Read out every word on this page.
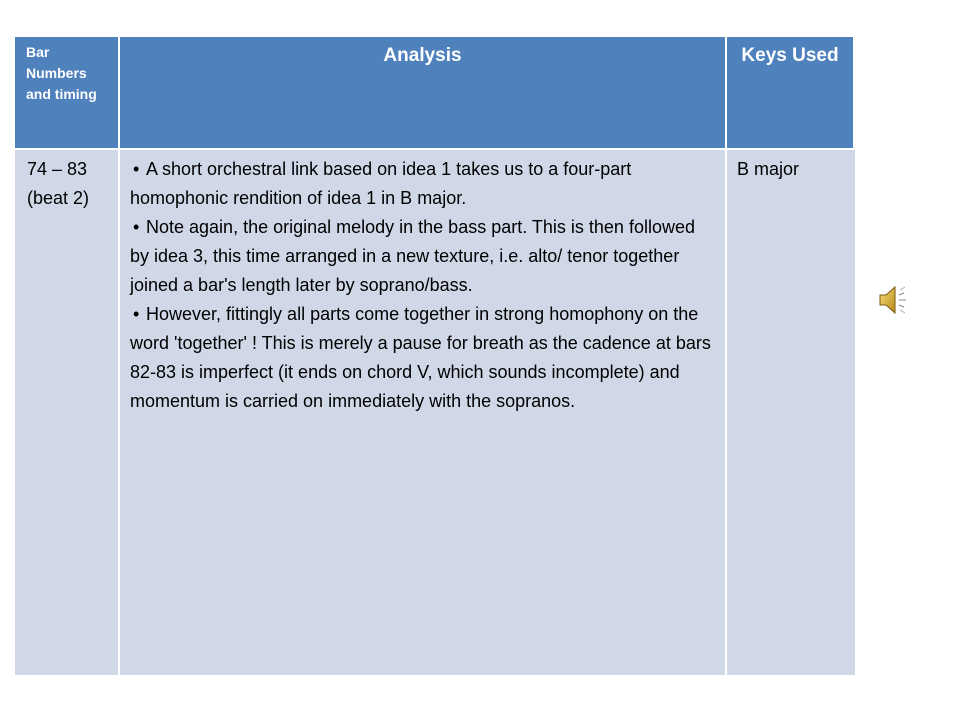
Bar Numbers and timing
Analysis	Keys Used
74 – 83
(beat 2)

• A short orchestral link based on idea 1 takes us to a four-part homophonic rendition of idea 1 in B major.

• Note again, the original melody in the bass part. This is then followed by idea 3, this time arranged in a new texture, i.e. alto/ tenor together joined a bar's length later by soprano/bass.

• However, fittingly all parts come together in strong homophony on the word 'together' ! This is merely a pause for breath as the cadence at bars 82-83 is imperfect (it ends on chord V, which sounds incomplete) and momentum is carried on immediately with the sopranos.

B major
